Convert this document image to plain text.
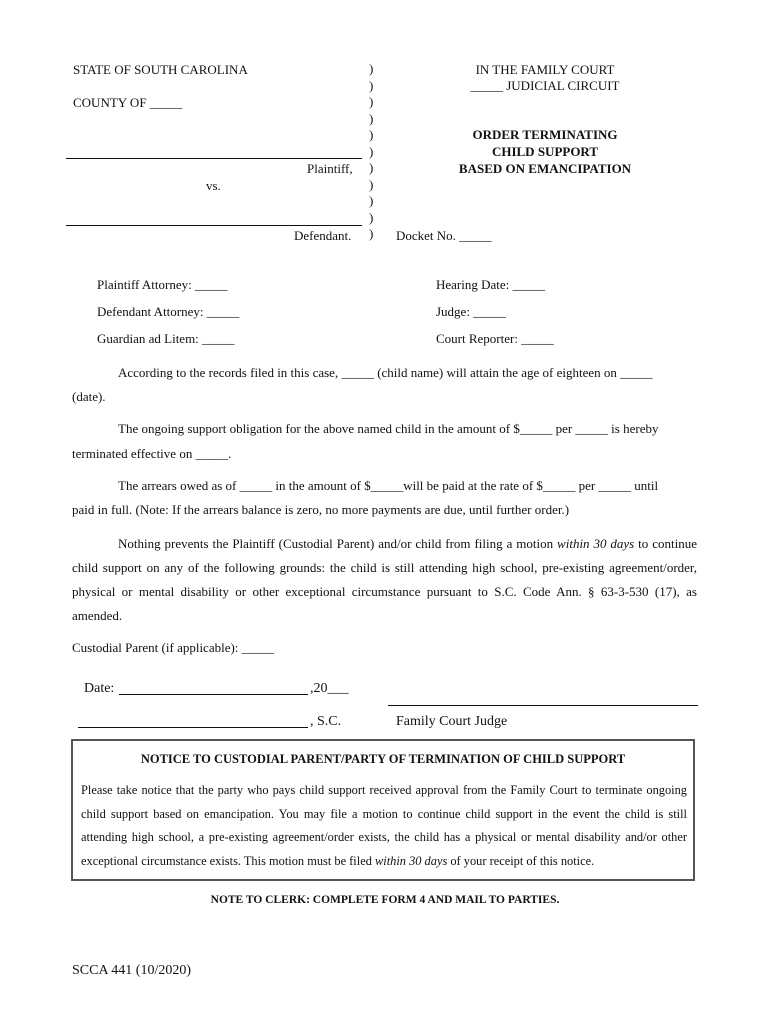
STATE OF SOUTH CAROLINA
COUNTY OF _____
Plaintiff,
vs.
Defendant.
)
)
)
)
)
)
)
)
)
)
)
IN THE FAMILY COURT
_____ JUDICIAL CIRCUIT
ORDER TERMINATING
CHILD SUPPORT
BASED ON EMANCIPATION
Docket No. _____
Plaintiff Attorney: _____
Defendant Attorney: _____
Guardian ad Litem: _____
Hearing Date: _____
Judge: _____
Court Reporter: _____
According to the records filed in this case, _____ (child name) will attain the age of eighteen on _____
(date).
The ongoing support obligation for the above named child in the amount of $_____ per _____ is hereby
terminated effective on _____.
The arrears owed as of _____ in the amount of $_____will be paid at the rate of $_____ per _____ until
paid in full. (Note: If the arrears balance is zero, no more payments are due, until further order.)
Nothing prevents the Plaintiff (Custodial Parent) and/or child from filing a motion within 30 days to continue child support on any of the following grounds: the child is still attending high school, pre-existing agreement/order, physical or mental disability or other exceptional circumstance pursuant to S.C. Code Ann. § 63-3-530 (17), as amended.
Custodial Parent (if applicable): _____
Date:	,20___
, S.C.	Family Court Judge
NOTICE TO CUSTODIAL PARENT/PARTY OF TERMINATION OF CHILD SUPPORT
Please take notice that the party who pays child support received approval from the Family Court to terminate ongoing child support based on emancipation. You may file a motion to continue child support in the event the child is still attending high school, a pre-existing agreement/order exists, the child has a physical or mental disability and/or other exceptional circumstance exists. This motion must be filed within 30 days of your receipt of this notice.
NOTE TO CLERK: COMPLETE FORM 4 AND MAIL TO PARTIES.
SCCA 441 (10/2020)
